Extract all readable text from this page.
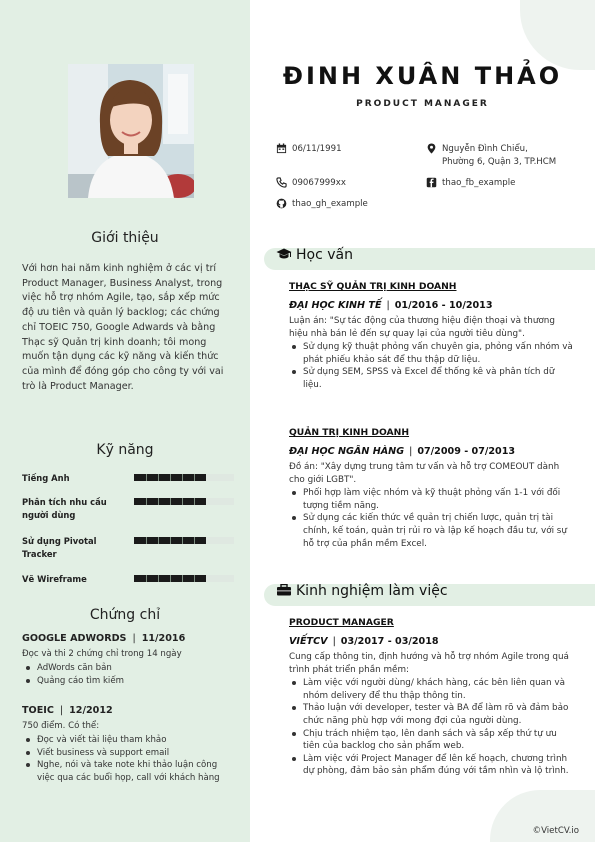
Giới thiệu
Với hơn hai năm kinh nghiệm ở các vị trí Product Manager, Business Analyst, trong việc hỗ trợ nhóm Agile, tạo, sắp xếp mức độ ưu tiên và quản lý backlog; các chứng chỉ TOEIC 750, Google Adwards và bằng Thạc sỹ Quản trị kinh doanh; tôi mong muốn tận dụng các kỹ năng và kiến thức của mình để đóng góp cho công ty với vai trò là Product Manager.
Kỹ năng
Tiếng Anh
Phân tích nhu cầu người dùng
Sử dụng Pivotal Tracker
Vẽ Wireframe
Chứng chỉ
GOOGLE ADWORDS | 11/2016
Đọc và thi 2 chứng chỉ trong 14 ngày
AdWords căn bản
Quảng cáo tìm kiếm
TOEIC | 12/2012
750 điểm. Có thể:
Đọc và viết tài liệu tham khảo
Viết business và support email
Nghe, nói và take note khi thảo luận công việc qua các buổi họp, call với khách hàng
ĐINH XUÂN THẢO
PRODUCT MANAGER
06/11/1991	Nguyễn Đình Chiểu,
Phường 6, Quận 3, TP.HCM
09067999xx	thao_fb_example
thao_gh_example
Học vấn
THẠC SỸ QUẢN TRỊ KINH DOANH
ĐẠI HỌC KINH TẾ | 01/2016 - 10/2013
Luận án: "Sự tác động của thương hiệu điện thoại và thương hiệu nhà bán lẻ đến sự quay lại của người tiêu dùng".
Sử dụng kỹ thuật phỏng vấn chuyên gia, phỏng vấn nhóm và phát phiếu khảo sát để thu thập dữ liệu.
Sử dụng SEM, SPSS và Excel để thống kê và phân tích dữ liệu.
QUẢN TRỊ KINH DOANH
ĐẠI HỌC NGÂN HÀNG | 07/2009 - 07/2013
Đồ án: "Xây dựng trung tâm tư vấn và hỗ trợ COMEOUT dành cho giới LGBT".
Phối hợp làm việc nhóm và kỹ thuật phỏng vấn 1-1 với đối tượng tiềm năng.
Sử dụng các kiến thức về quản trị chiến lược, quản trị tài chính, kế toán, quản trị rủi ro và lập kế hoạch đầu tư, với sự hỗ trợ của phần mềm Excel.
Kinh nghiệm làm việc
PRODUCT MANAGER
VIẾTCV | 03/2017 - 03/2018
Cung cấp thông tin, định hướng và hỗ trợ nhóm Agile trong quá trình phát triển phần mềm:
Làm việc với người dùng/ khách hàng, các bên liên quan và nhóm delivery để thu thập thông tin.
Thảo luận với developer, tester và BA để làm rõ và đảm bảo chức năng phù hợp với mong đợi của người dùng.
Chịu trách nhiệm tạo, lên danh sách và sắp xếp thứ tự ưu tiên của backlog cho sản phẩm web.
Làm việc với Project Manager để lên kế hoạch, chương trình dự phòng, đảm bảo sản phẩm đúng với tầm nhìn và lộ trình.
©VietCV.io
